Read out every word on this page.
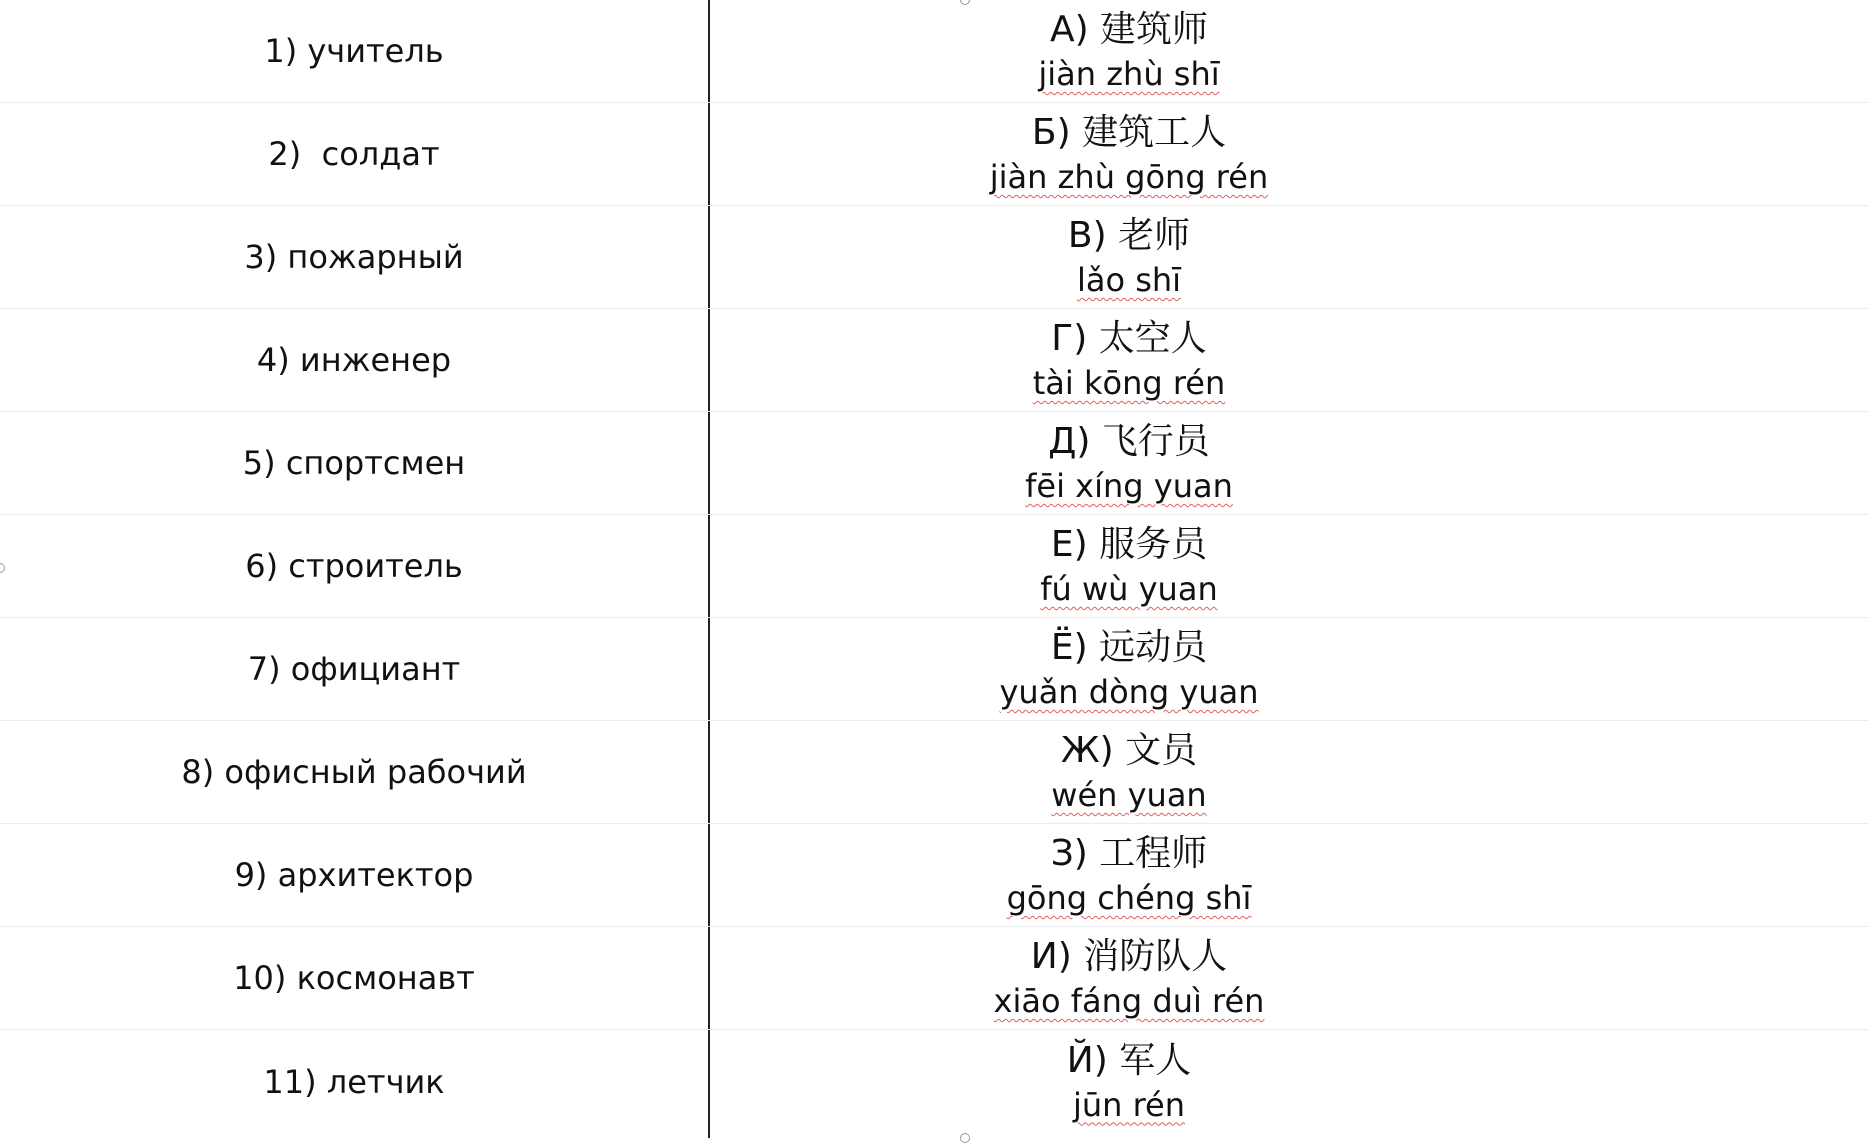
1) учитель
А) 建筑师
jiàn zhù shī
2)  солдат
Б) 建筑工人
jiàn zhù gōng rén
3) пожарный
В) 老师
lǎo shī
4) инженер
Г) 太空人
tài kōng rén
5) спортсмен
Д) 飞行员
fēi xíng yuan
6) строитель
Е) 服务员
fú wù yuan
7) официант
Ё) 远动员
yuǎn dòng yuan
8) офисный рабочий
Ж) 文员
wén yuan
9) архитектор
З) 工程师
gōng chéng shī
10) космонавт
И) 消防队人
xiāo fáng duì rén
11) летчик
Й) 军人
jūn rén
